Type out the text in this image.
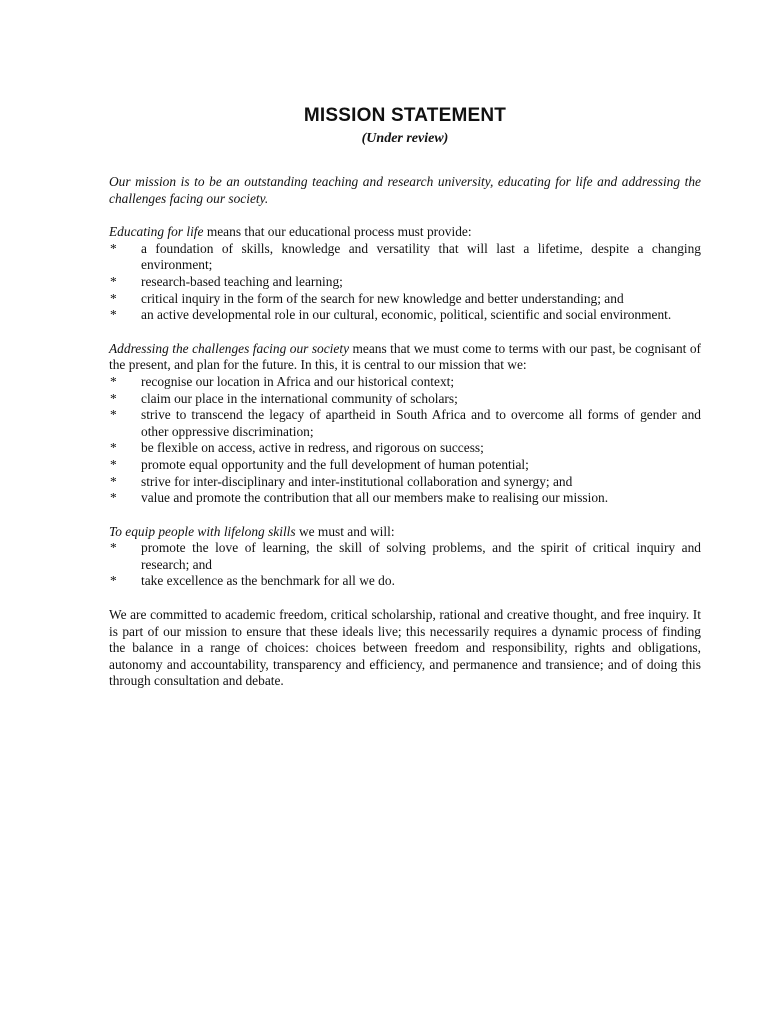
MISSION STATEMENT
(Under review)

Our mission is to be an outstanding teaching and research university, educating for life and addressing the challenges facing our society.

Educating for life means that our educational process must provide:

* a foundation of skills, knowledge and versatility that will last a lifetime, despite a changing environment;
* research-based teaching and learning;
* critical inquiry in the form of the search for new knowledge and better understanding; and
* an active developmental role in our cultural, economic, political, scientific and social environment.

Addressing the challenges facing our society means that we must come to terms with our past, be cognisant of the present, and plan for the future. In this, it is central to our mission that we:

* recognise our location in Africa and our historical context;
* claim our place in the international community of scholars;
* strive to transcend the legacy of apartheid in South Africa and to overcome all forms of gender and other oppressive discrimination;
* be flexible on access, active in redress, and rigorous on success;
* promote equal opportunity and the full development of human potential;
* strive for inter-disciplinary and inter-institutional collaboration and synergy; and
* value and promote the contribution that all our members make to realising our mission.

To equip people with lifelong skills we must and will:

* promote the love of learning, the skill of solving problems, and the spirit of critical inquiry and research; and
* take excellence as the benchmark for all we do.

We are committed to academic freedom, critical scholarship, rational and creative thought, and free inquiry. It is part of our mission to ensure that these ideals live; this necessarily requires a dynamic process of finding the balance in a range of choices: choices between freedom and responsibility, rights and obligations, autonomy and accountability, transparency and efficiency, and permanence and transience; and of doing this through consultation and debate.
